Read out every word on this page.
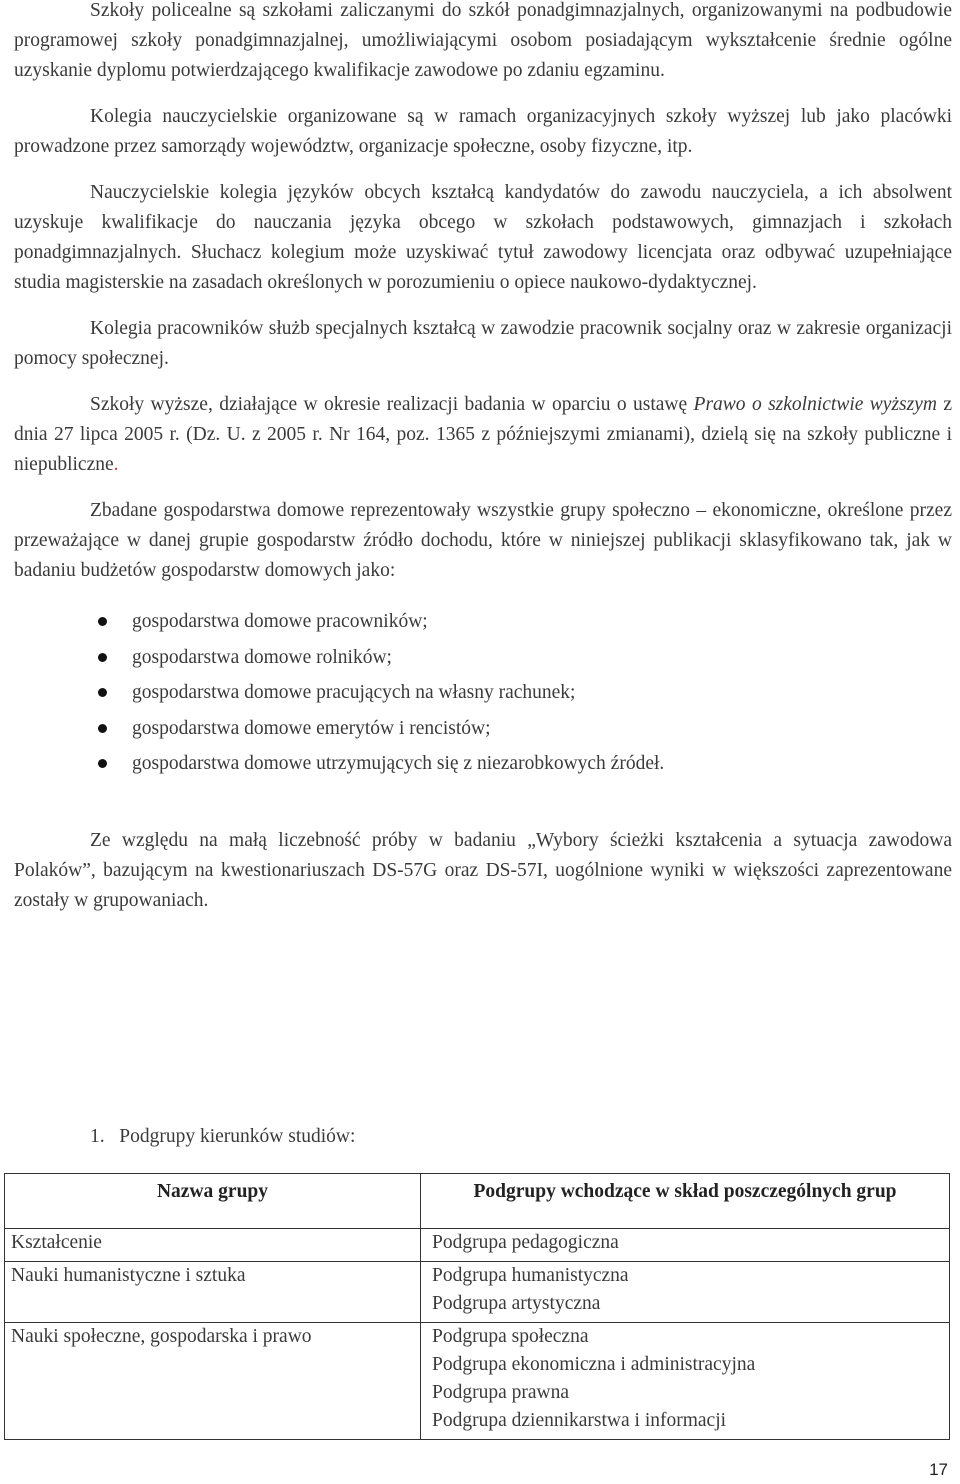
Szkoły policealne są szkołami zaliczanymi do szkół ponadgimnazjalnych, organizowanymi na podbudowie programowej szkoły ponadgimnazjalnej, umożliwiającymi osobom posiadającym wykształcenie średnie ogólne uzyskanie dyplomu potwierdzającego kwalifikacje zawodowe po zdaniu egzaminu.

Kolegia nauczycielskie organizowane są w ramach organizacyjnych szkoły wyższej lub jako placówki prowadzone przez samorządy województw, organizacje społeczne, osoby fizyczne, itp.

Nauczycielskie kolegia języków obcych kształcą kandydatów do zawodu nauczyciela, a ich absolwent uzyskuje kwalifikacje do nauczania języka obcego w szkołach podstawowych, gimnazjach i szkołach ponadgimnazjalnych. Słuchacz kolegium może uzyskiwać tytuł zawodowy licencjata oraz odbywać uzupełniające studia magisterskie na zasadach określonych w porozumieniu o opiece naukowo-dydaktycznej.

Kolegia pracowników służb specjalnych kształcą w zawodzie pracownik socjalny oraz w zakresie organizacji pomocy społecznej.

Szkoły wyższe, działające w okresie realizacji badania w oparciu o ustawę Prawo o szkolnictwie wyższym z dnia 27 lipca 2005 r. (Dz. U. z 2005 r. Nr 164, poz. 1365 z późniejszymi zmianami), dzielą się na szkoły publiczne i niepubliczne.

Zbadane gospodarstwa domowe reprezentowały wszystkie grupy społeczno – ekonomiczne, określone przez przeważające w danej grupie gospodarstw źródło dochodu, które w niniejszej publikacji sklasyfikowano tak, jak w badaniu budżetów gospodarstw domowych jako:

gospodarstwa domowe pracowników;
gospodarstwa domowe rolników;
gospodarstwa domowe pracujących na własny rachunek;
gospodarstwa domowe emerytów i rencistów;
gospodarstwa domowe utrzymujących się z niezarobkowych źródeł.

Ze względu na małą liczebność próby w badaniu „Wybory ścieżki kształcenia a sytuacja zawodowa Polaków”, bazującym na kwestionariuszach DS-57G oraz DS-57I, uogólnione wyniki w większości zaprezentowane zostały w grupowaniach.

1.   Podgrupy kierunków studiów:
Nazwa grupy	Podgrupy wchodzące w skład poszczególnych grup
Kształcenie	Podgrupa pedagogiczna

Nauki humanistyczne i sztuka	Podgrupa humanistyczna
Podgrupa artystyczna

Nauki społeczne, gospodarska i prawo	Podgrupa społeczna
Podgrupa ekonomiczna i administracyjna
Podgrupa prawna
Podgrupa dziennikarstwa i informacji
17
